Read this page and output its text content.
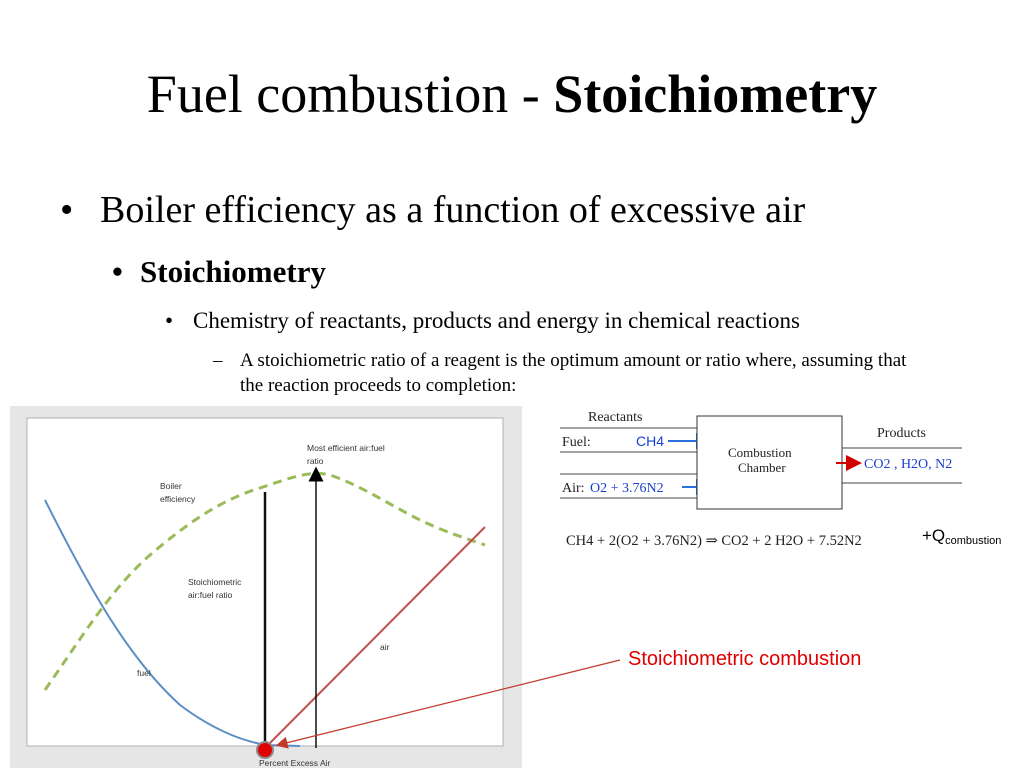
Fuel combustion - Stoichiometry
• Boiler efficiency as a function of excessive air
• Stoichiometry
• Chemistry of reactants, products and energy in chemical reactions
– A stoichiometric ratio of a reagent is the optimum amount or ratio where, assuming that the reaction proceeds to completion:
Most efficient air:fuel
ratio
Boiler
efficiency
Stoichiometric
air:fuel ratio
fuel
air
Percent Excess Air
Reactants
Fuel:	CH4
Air: O2 + 3.76N2
Combustion
Chamber
Products
CO2 , H2O, N2
CH4 + 2(O2 + 3.76N2) ⇒ CO2 + 2 H2O + 7.52N2	$+Q_{combustion}$
Stoichiometric combustion
